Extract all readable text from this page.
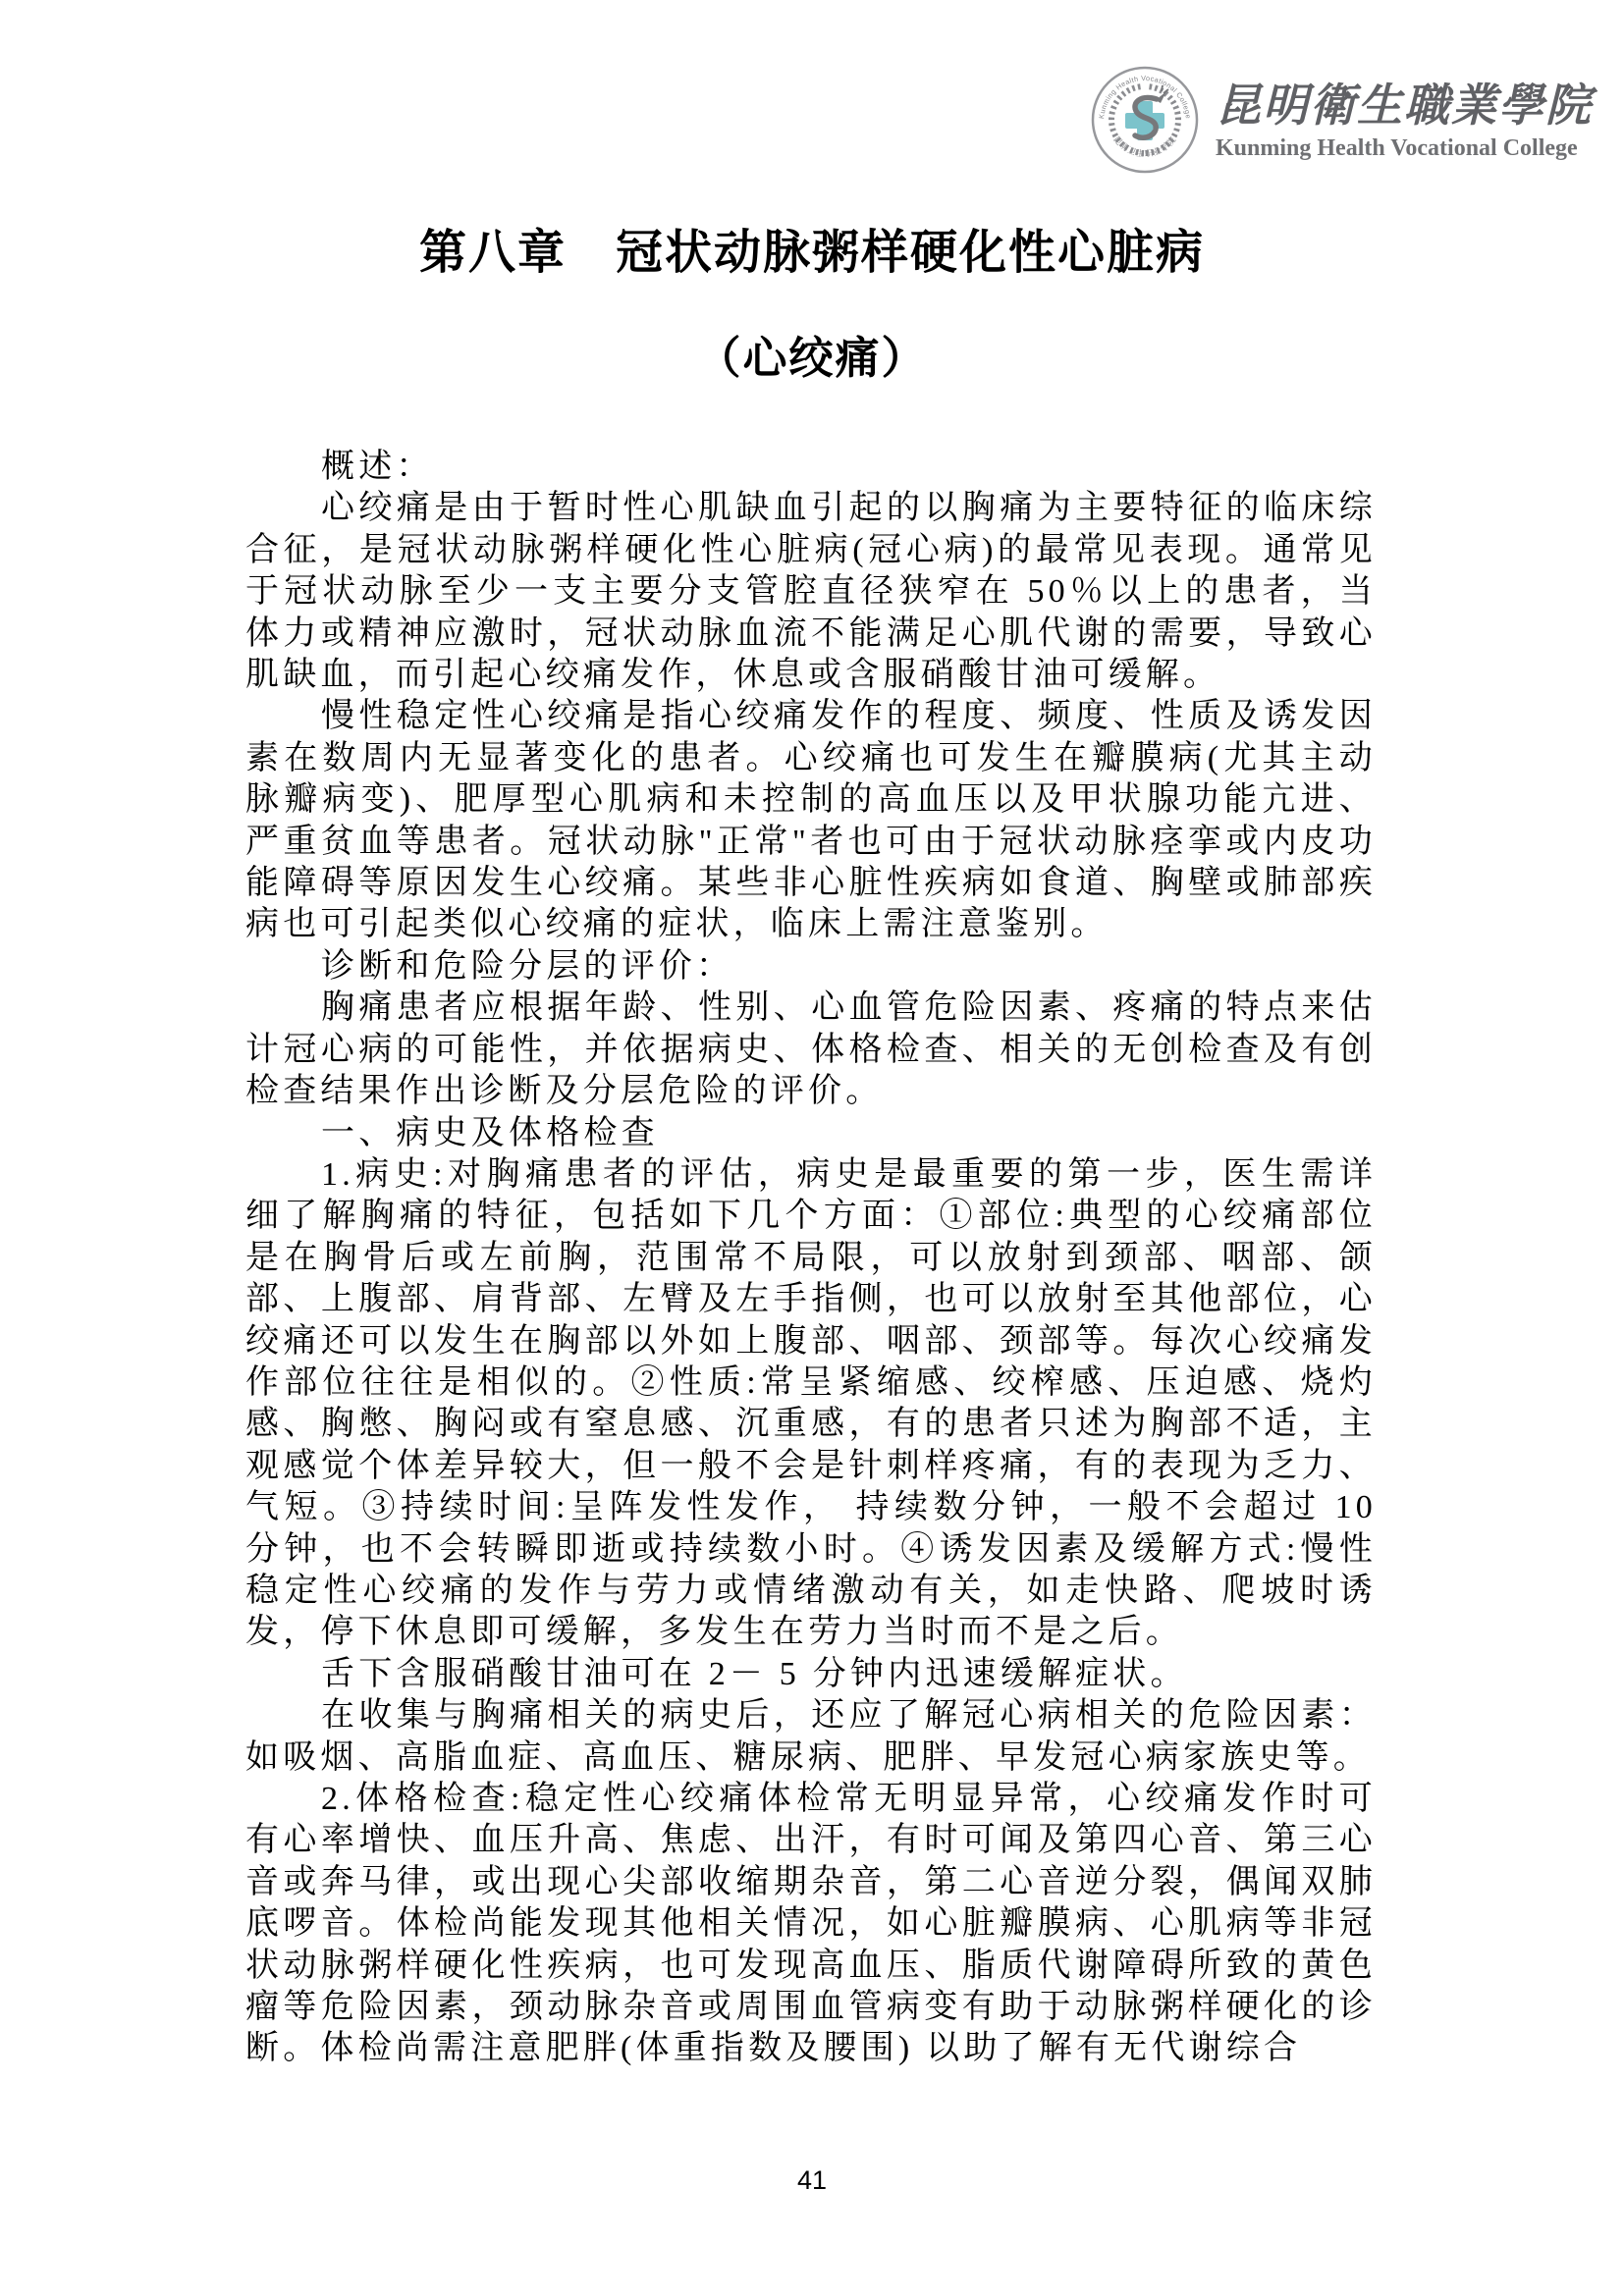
Kunming Health Vocational College
昆明卫生职业学院
昆明衛生職業學院
Kunming Health Vocational College
第八章　冠状动脉粥样硬化性心脏病
（心绞痛）

概述：

心绞痛是由于暂时性心肌缺血引起的以胸痛为主要特征的临床综合征，是冠状动脉粥样硬化性心脏病(冠心病)的最常见表现。通常见于冠状动脉至少一支主要分支管腔直径狭窄在 50％以上的患者，当体力或精神应激时，冠状动脉血流不能满足心肌代谢的需要，导致心肌缺血，而引起心绞痛发作，休息或含服硝酸甘油可缓解。

慢性稳定性心绞痛是指心绞痛发作的程度、频度、性质及诱发因素在数周内无显著变化的患者。心绞痛也可发生在瓣膜病(尤其主动脉瓣病变)、肥厚型心肌病和未控制的高血压以及甲状腺功能亢进、严重贫血等患者。冠状动脉"正常"者也可由于冠状动脉痉挛或内皮功能障碍等原因发生心绞痛。某些非心脏性疾病如食道、胸壁或肺部疾病也可引起类似心绞痛的症状，临床上需注意鉴别。

诊断和危险分层的评价：

胸痛患者应根据年龄、性别、心血管危险因素、疼痛的特点来估计冠心病的可能性，并依据病史、体格检查、相关的无创检查及有创检查结果作出诊断及分层危险的评价。

一、病史及体格检查

1.病史:对胸痛患者的评估，病史是最重要的第一步，医生需详细了解胸痛的特征，包括如下几个方面：①部位:典型的心绞痛部位是在胸骨后或左前胸，范围常不局限，可以放射到颈部、咽部、颌部、上腹部、肩背部、左臂及左手指侧，也可以放射至其他部位，心绞痛还可以发生在胸部以外如上腹部、咽部、颈部等。每次心绞痛发作部位往往是相似的。②性质:常呈紧缩感、绞榨感、压迫感、烧灼感、胸憋、胸闷或有窒息感、沉重感，有的患者只述为胸部不适，主观感觉个体差异较大，但一般不会是针刺样疼痛，有的表现为乏力、气短。③持续时间:呈阵发性发作， 持续数分钟，一般不会超过 10 分钟，也不会转瞬即逝或持续数小时。④诱发因素及缓解方式:慢性稳定性心绞痛的发作与劳力或情绪激动有关，如走快路、爬坡时诱发，停下休息即可缓解，多发生在劳力当时而不是之后。

舌下含服硝酸甘油可在 2－ 5 分钟内迅速缓解症状。

在收集与胸痛相关的病史后，还应了解冠心病相关的危险因素：如吸烟、高脂血症、高血压、糖尿病、肥胖、早发冠心病家族史等。

2.体格检查:稳定性心绞痛体检常无明显异常，心绞痛发作时可有心率增快、血压升高、焦虑、出汗，有时可闻及第四心音、第三心音或奔马律，或出现心尖部收缩期杂音，第二心音逆分裂，偶闻双肺底啰音。体检尚能发现其他相关情况，如心脏瓣膜病、心肌病等非冠状动脉粥样硬化性疾病，也可发现高血压、脂质代谢障碍所致的黄色瘤等危险因素，颈动脉杂音或周围血管病变有助于动脉粥样硬化的诊断。体检尚需注意肥胖(体重指数及腰围) 以助了解有无代谢综合

41
